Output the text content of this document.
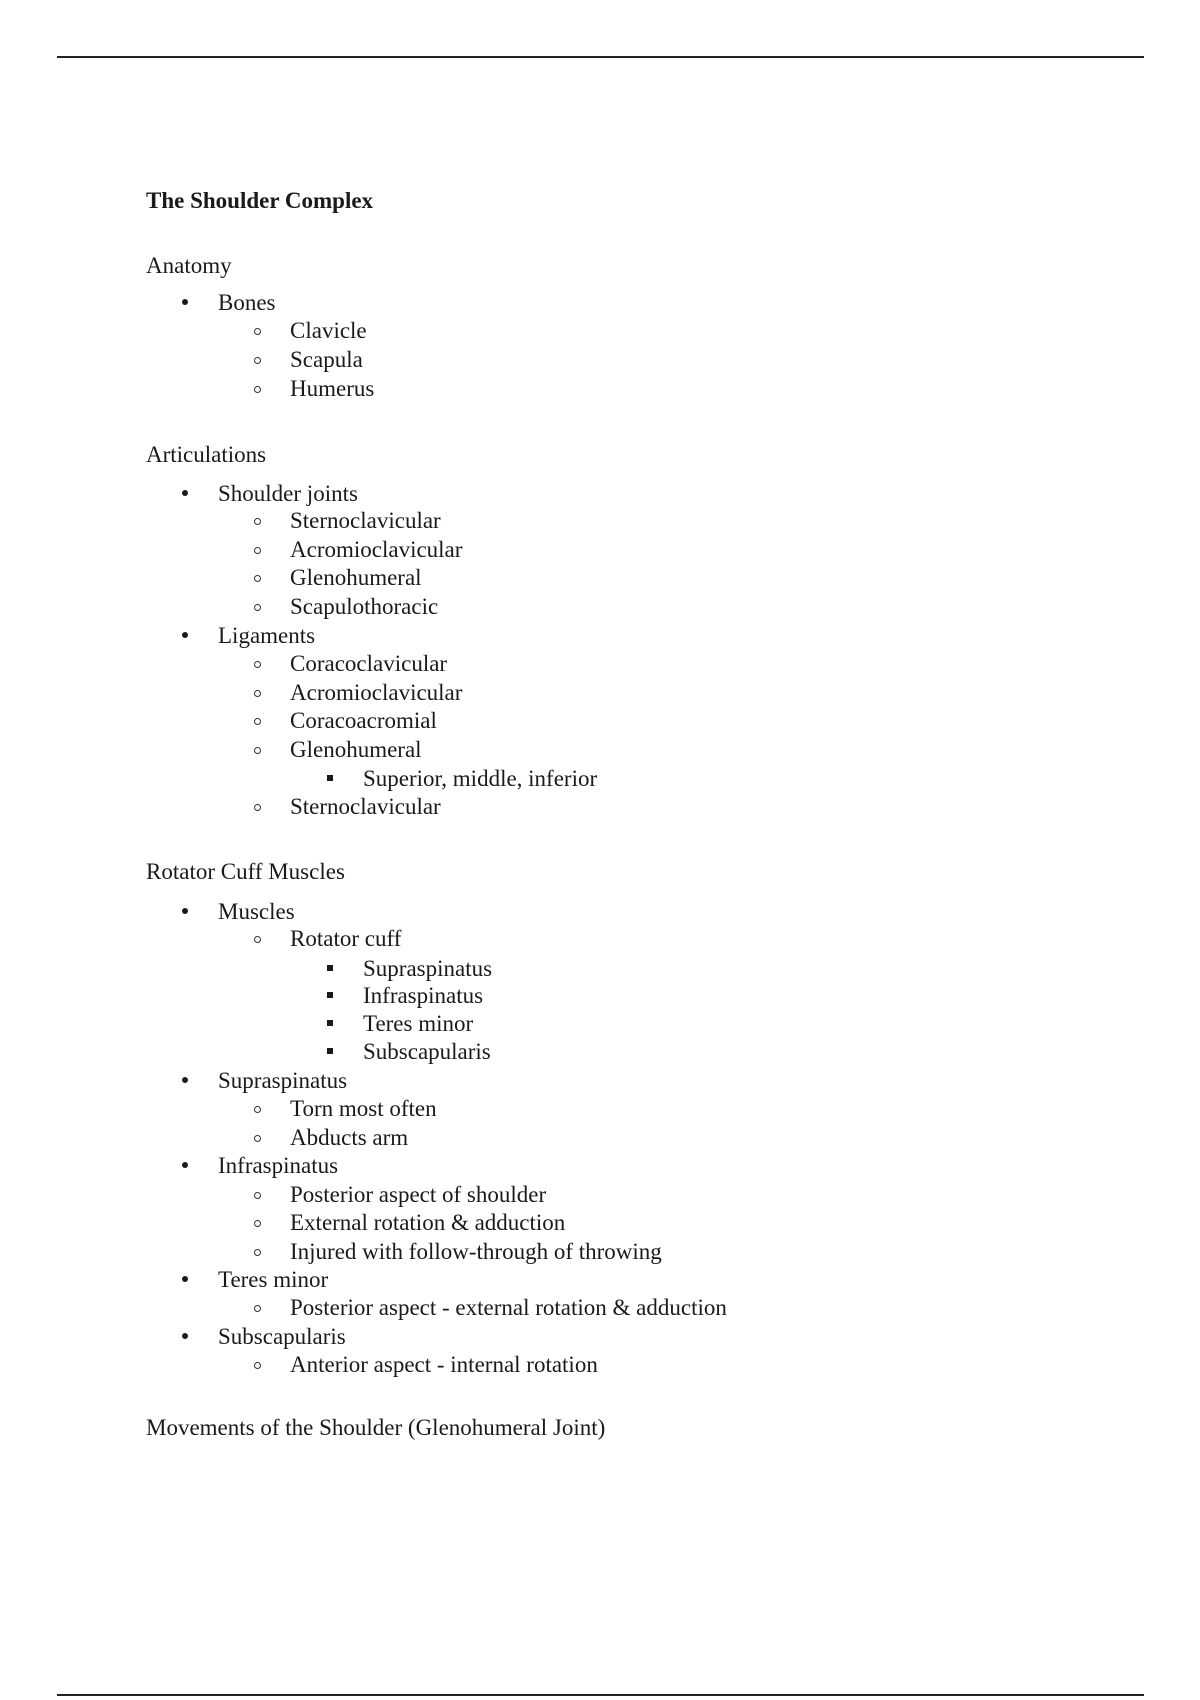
The Shoulder Complex
Anatomy
Bones
Clavicle
Scapula
Humerus
Articulations
Shoulder joints
Sternoclavicular
Acromioclavicular
Glenohumeral
Scapulothoracic
Ligaments
Coracoclavicular
Acromioclavicular
Coracoacromial
Glenohumeral
Superior, middle, inferior
Sternoclavicular
Rotator Cuff Muscles
Muscles
Rotator cuff
Supraspinatus
Infraspinatus
Teres minor
Subscapularis
Supraspinatus
Torn most often
Abducts arm
Infraspinatus
Posterior aspect of shoulder
External rotation & adduction
Injured with follow-through of throwing
Teres minor
Posterior aspect - external rotation & adduction
Subscapularis
Anterior aspect - internal rotation
Movements of the Shoulder (Glenohumeral Joint)
